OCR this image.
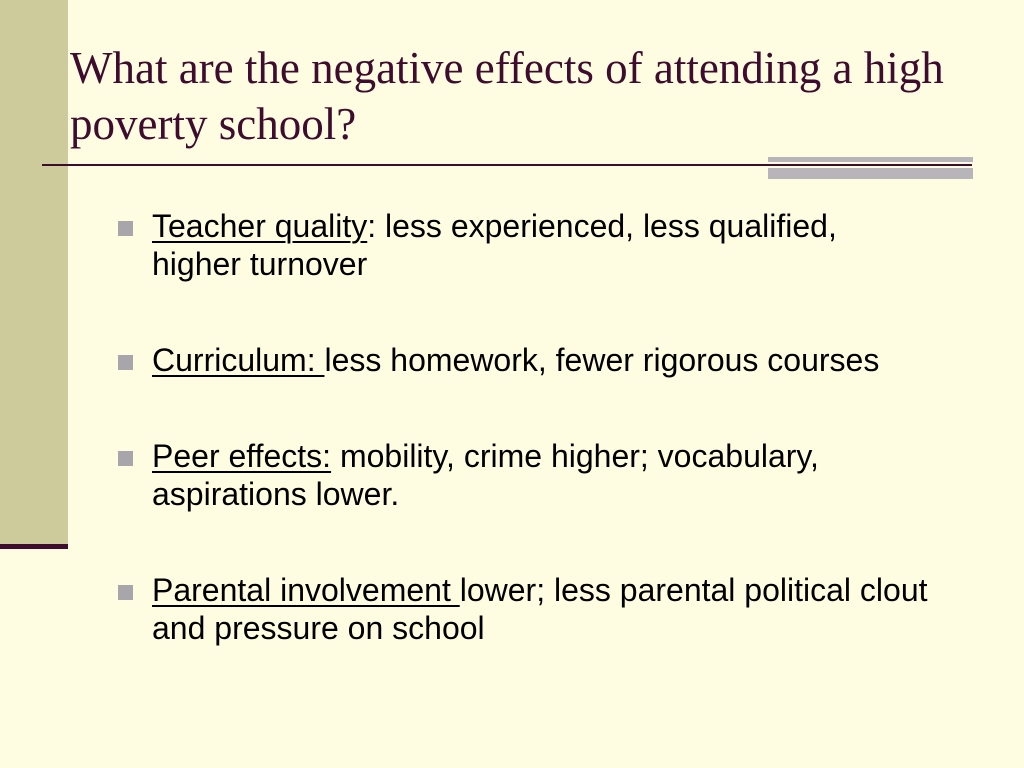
What are the negative effects of attending a high poverty school?
Teacher quality: less experienced, less qualified, higher turnover
Curriculum: less homework, fewer rigorous courses
Peer effects: mobility, crime higher; vocabulary, aspirations lower.
Parental involvement lower; less parental political clout and pressure on school
